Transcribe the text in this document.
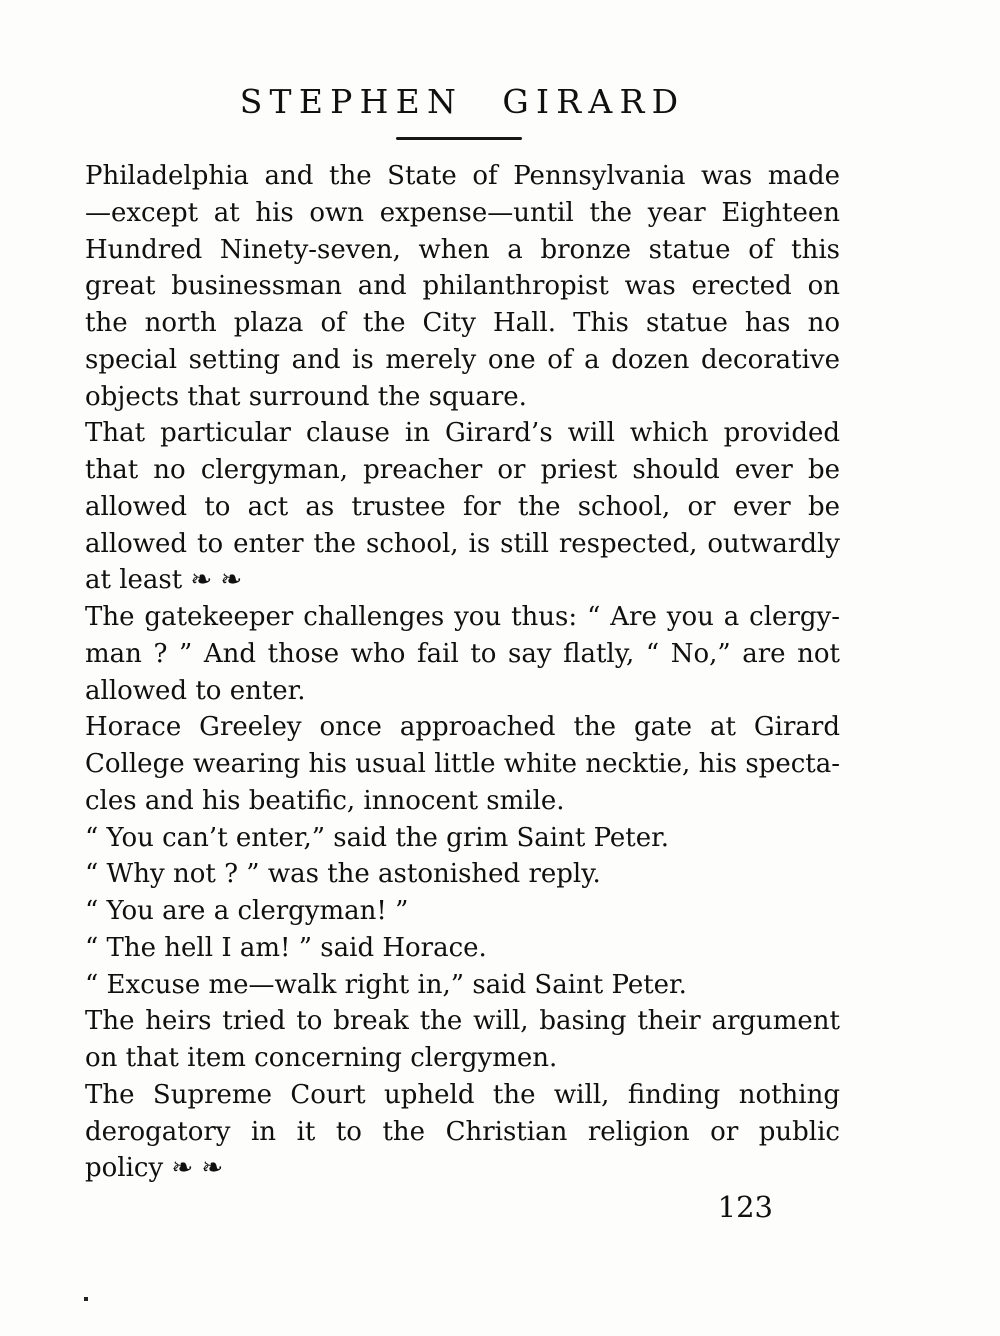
STEPHEN GIRARD
Philadelphia and the State of Pennsylvania was made
—except at his own expense—until the year Eighteen
Hundred Ninety-seven, when a bronze statue of this
great businessman and philanthropist was erected on
the north plaza of the City Hall. This statue has no
special setting and is merely one of a dozen decorative
objects that surround the square.
That particular clause in Girard’s will which provided
that no clergyman, preacher or priest should ever be
allowed to act as trustee for the school, or ever be
allowed to enter the school, is still respected, outwardly
at least ❧ ❧
The gatekeeper challenges you thus: “ Are you a clergy-
man ? ” And those who fail to say flatly, “ No,” are not
allowed to enter.
Horace Greeley once approached the gate at Girard
College wearing his usual little white necktie, his specta-
cles and his beatific, innocent smile.
“ You can’t enter,” said the grim Saint Peter.
“ Why not ? ” was the astonished reply.
“ You are a clergyman! ”
“ The hell I am! ” said Horace.
“ Excuse me—walk right in,” said Saint Peter.
The heirs tried to break the will, basing their argument
on that item concerning clergymen.
The Supreme Court upheld the will, finding nothing
derogatory in it to the Christian religion or public
policy ❧ ❧
123
